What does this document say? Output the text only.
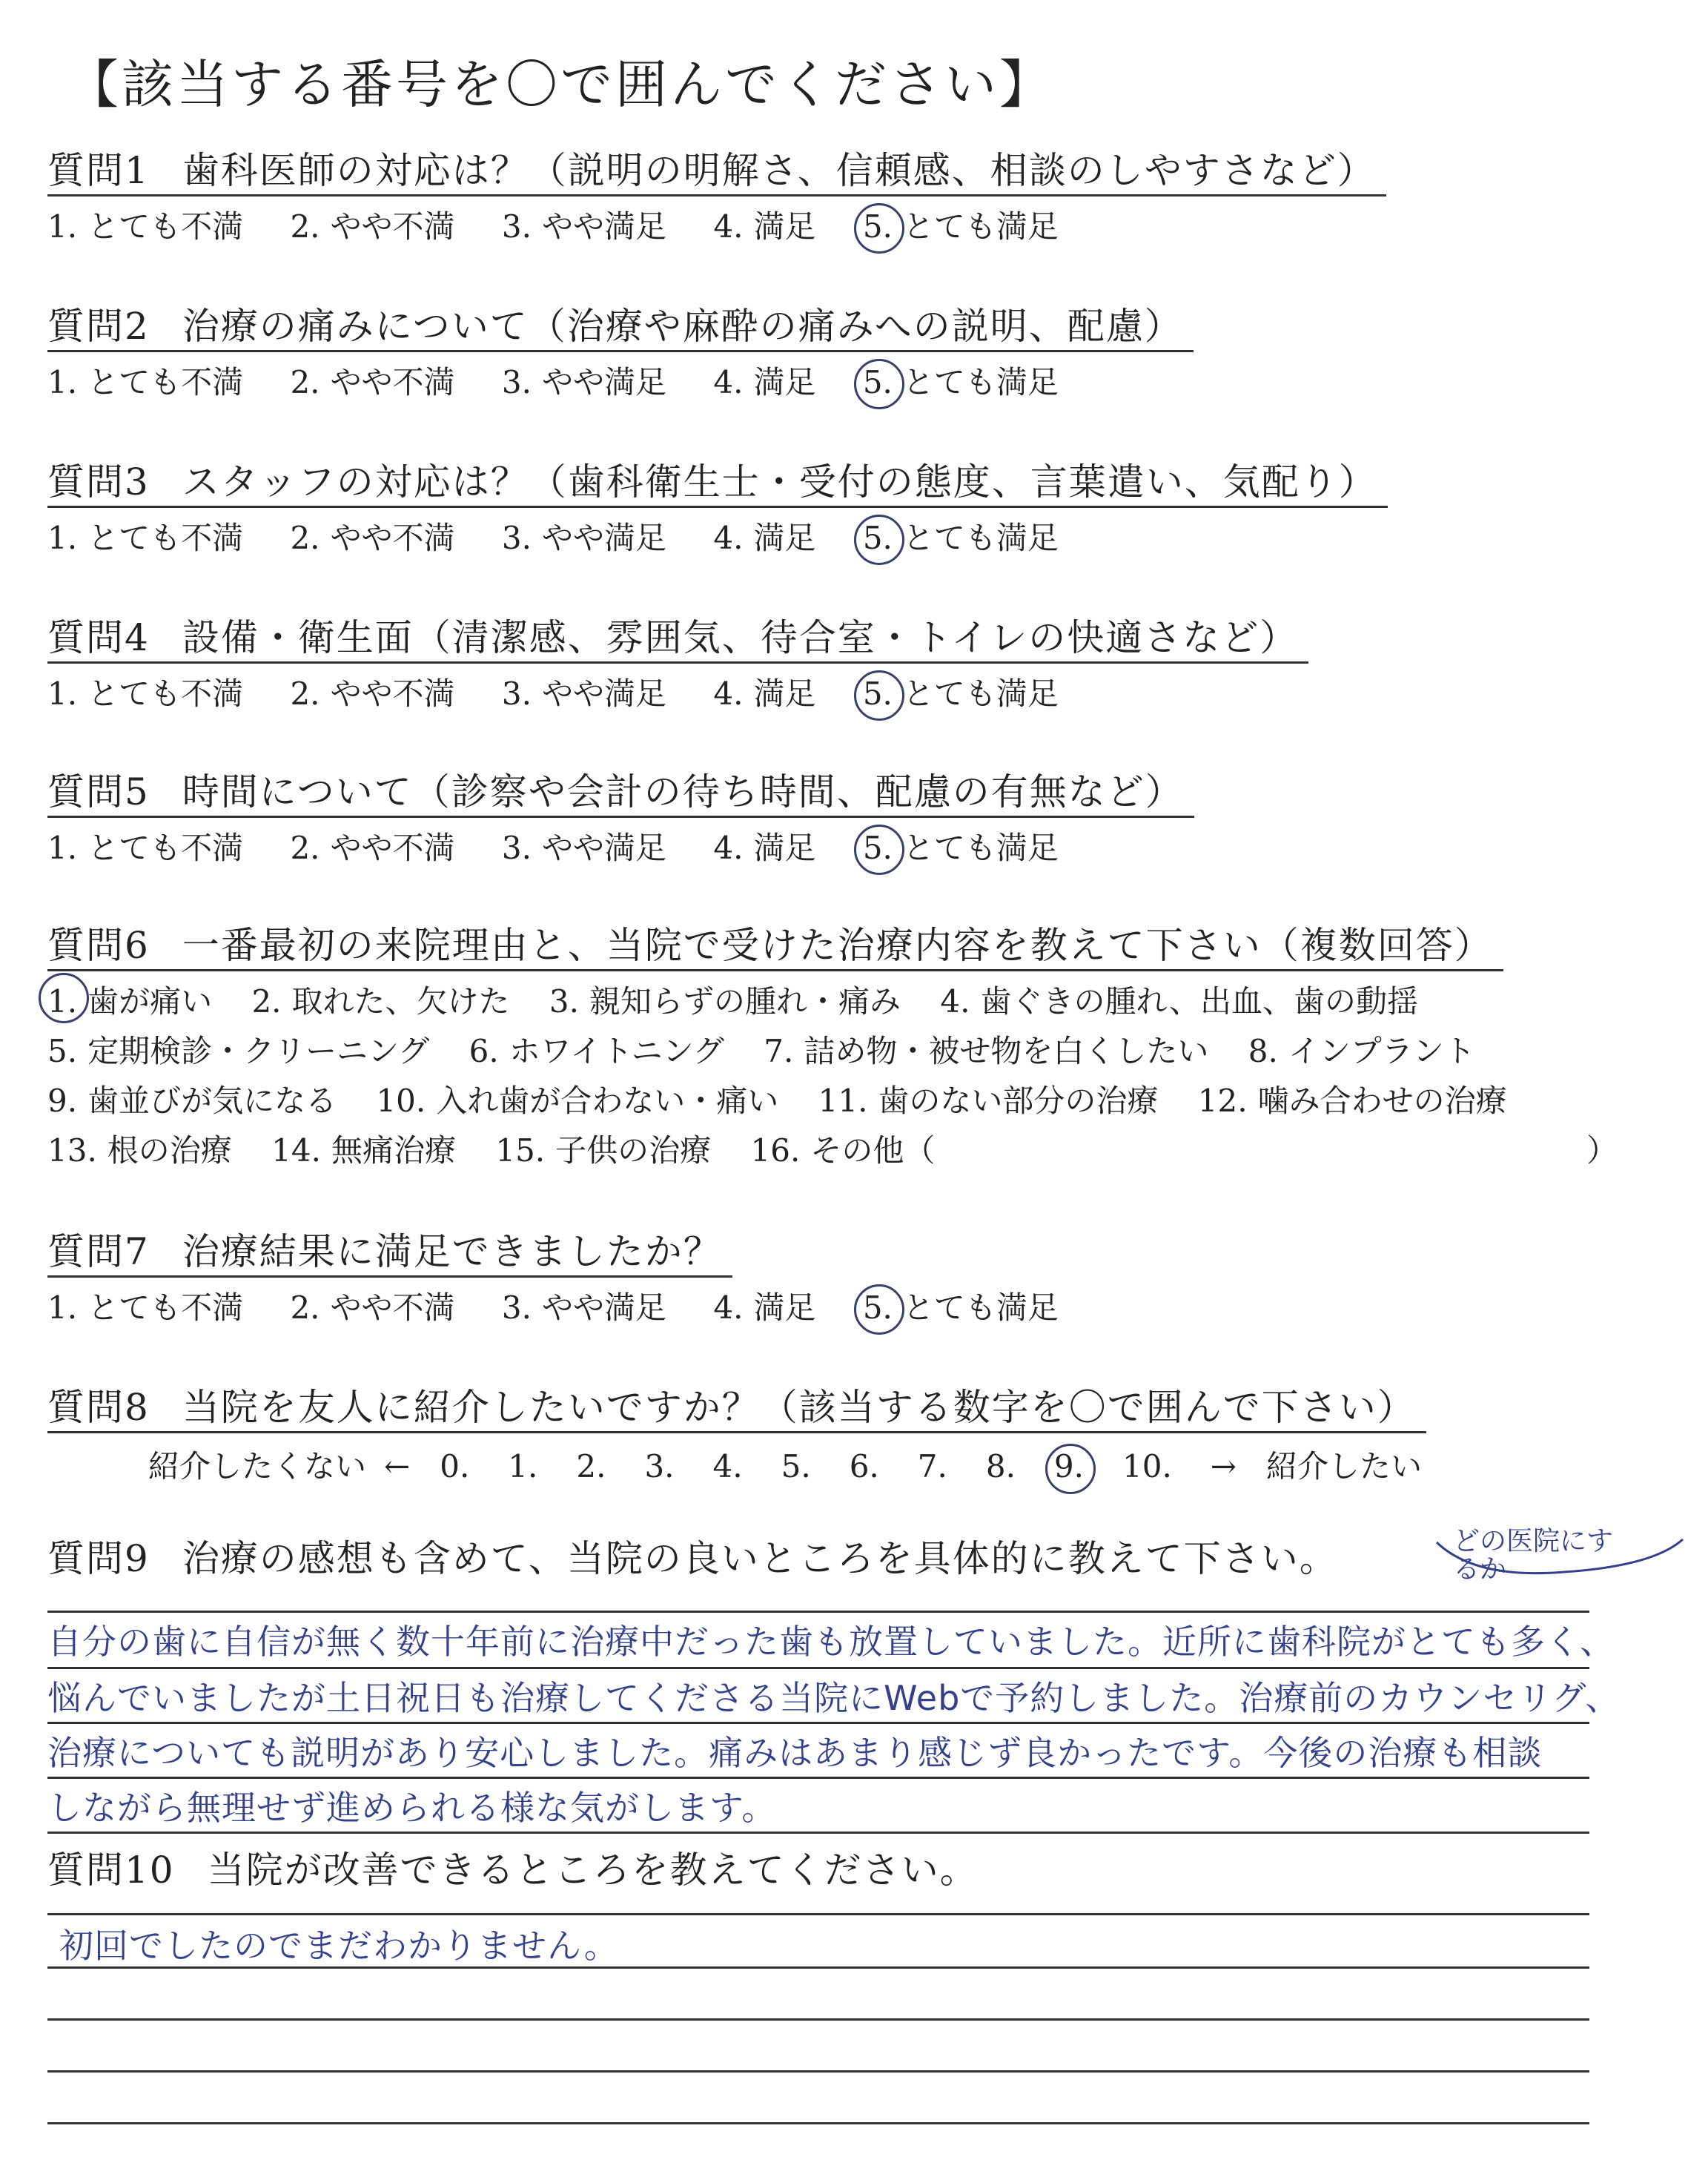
【該当する番号を〇で囲んでください】
質問1 歯科医師の対応は？（説明の明解さ、信頼感、相談のしやすさなど）
1. とても不満 2. やや不満 3. やや満足 4. 満足 5. とても満足
質問2 治療の痛みについて（治療や麻酔の痛みへの説明、配慮）
1. とても不満 2. やや不満 3. やや満足 4. 満足 5. とても満足
質問3 スタッフの対応は？（歯科衛生士・受付の態度、言葉遣い、気配り）
1. とても不満 2. やや不満 3. やや満足 4. 満足 5. とても満足
質問4 設備・衛生面（清潔感、雰囲気、待合室・トイレの快適さなど）
1. とても不満 2. やや不満 3. やや満足 4. 満足 5. とても満足
質問5 時間について（診察や会計の待ち時間、配慮の有無など）
1. とても不満 2. やや不満 3. やや満足 4. 満足 5. とても満足
質問6 一番最初の来院理由と、当院で受けた治療内容を教えて下さい（複数回答）
1. 歯が痛い 2. 取れた、欠けた 3. 親知らずの腫れ・痛み 4. 歯ぐきの腫れ、出血、歯の動揺
5. 定期検診・クリーニング 6. ホワイトニング 7. 詰め物・被せ物を白くしたい 8. インプラント
9. 歯並びが気になる 10. 入れ歯が合わない・痛い 11. 歯のない部分の治療 12. 噛み合わせの治療
13. 根の治療 14. 無痛治療 15. 子供の治療 16. その他（	）
質問7 治療結果に満足できましたか？
1. とても不満 2. やや不満 3. やや満足 4. 満足 5. とても満足
質問8 当院を友人に紹介したいですか？（該当する数字を〇で囲んで下さい）
紹介したくない ← 0. 1. 2. 3. 4. 5. 6. 7. 8. 9. 10. → 紹介したい
質問9 治療の感想も含めて、当院の良いところを具体的に教えて下さい。	どの医院にするか
自分の歯に自信が無く数十年前に治療中だった歯も放置していました。近所に歯科院がとても多く、
悩んでいましたが土日祝日も治療してくださる当院にWebで予約しました。治療前のカウンセリグ、
治療についても説明があり安心しました。痛みはあまり感じず良かったです。今後の治療も相談
しながら無理せず進められる様な気がします。
質問10 当院が改善できるところを教えてください。
初回でしたのでまだわかりません。
